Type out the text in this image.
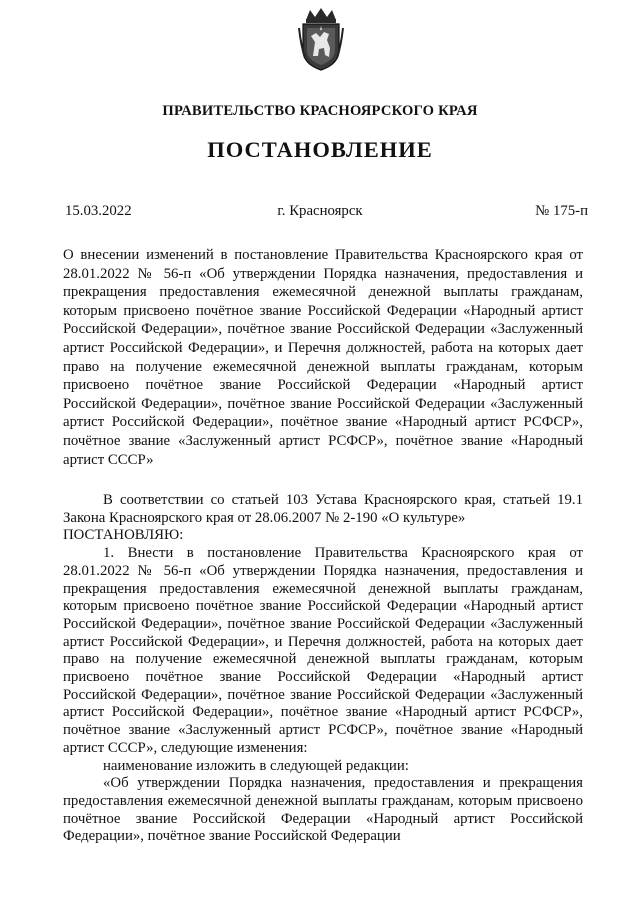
ПРАВИТЕЛЬСТВО КРАСНОЯРСКОГО КРАЯ
ПОСТАНОВЛЕНИЕ
15.03.2022	г. Красноярск	№ 175-п
О внесении изменений в постановление Правительства Красноярского края от 28.01.2022 № 56-п «Об утверждении Порядка назначения, предоставления и прекращения предоставления ежемесячной денежной выплаты гражданам, которым присвоено почётное звание Российской Федерации «Народный артист Российской Федерации», почётное звание Российской Федерации «Заслуженный артист Российской Федерации», и Перечня должностей, работа на которых дает право на получение ежемесячной денежной выплаты гражданам, которым присвоено почётное звание Российской Федерации «Народный артист Российской Федерации», почётное звание Российской Федерации «Заслуженный артист Российской Федерации», почётное звание «Народный артист РСФСР», почётное звание «Заслуженный артист РСФСР», почётное звание «Народный артист СССР»

В соответствии со статьей 103 Устава Красноярского края, статьей 19.1 Закона Красноярского края от 28.06.2007 № 2-190 «О культуре»

ПОСТАНОВЛЯЮ:

1. Внести в постановление Правительства Красноярского края от 28.01.2022 № 56-п «Об утверждении Порядка назначения, предоставления и прекращения предоставления ежемесячной денежной выплаты гражданам, которым присвоено почётное звание Российской Федерации «Народный артист Российской Федерации», почётное звание Российской Федерации «Заслуженный артист Российской Федерации», и Перечня должностей, работа на которых дает право на получение ежемесячной денежной выплаты гражданам, которым присвоено почётное звание Российской Федерации «Народный артист Российской Федерации», почётное звание Российской Федерации «Заслуженный артист Российской Федерации», почётное звание «Народный артист РСФСР», почётное звание «Заслуженный артист РСФСР», почётное звание «Народный артист СССР», следующие изменения:

наименование изложить в следующей редакции:

«Об утверждении Порядка назначения, предоставления и прекращения предоставления ежемесячной денежной выплаты гражданам, которым присвоено почётное звание Российской Федерации «Народный артист Российской Федерации», почётное звание Российской Федерации
